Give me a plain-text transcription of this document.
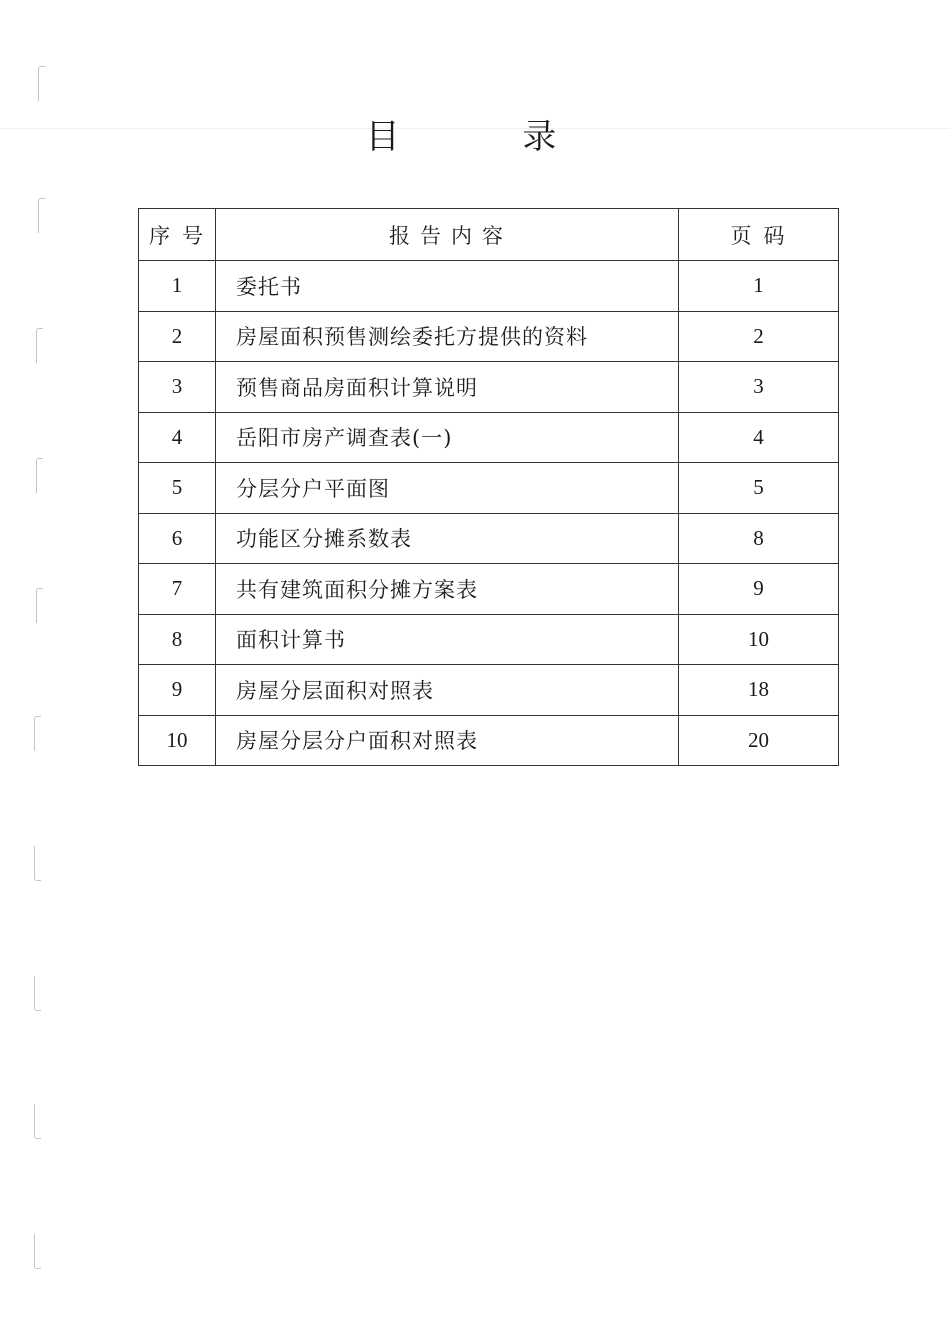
目 录
序号	报告内容	页码
1	委托书	1
2	房屋面积预售测绘委托方提供的资料	2
3	预售商品房面积计算说明	3
4	岳阳市房产调查表(一)	4
5	分层分户平面图	5
6	功能区分摊系数表	8
7	共有建筑面积分摊方案表	9
8	面积计算书	10
9	房屋分层面积对照表	18
10	房屋分层分户面积对照表	20
